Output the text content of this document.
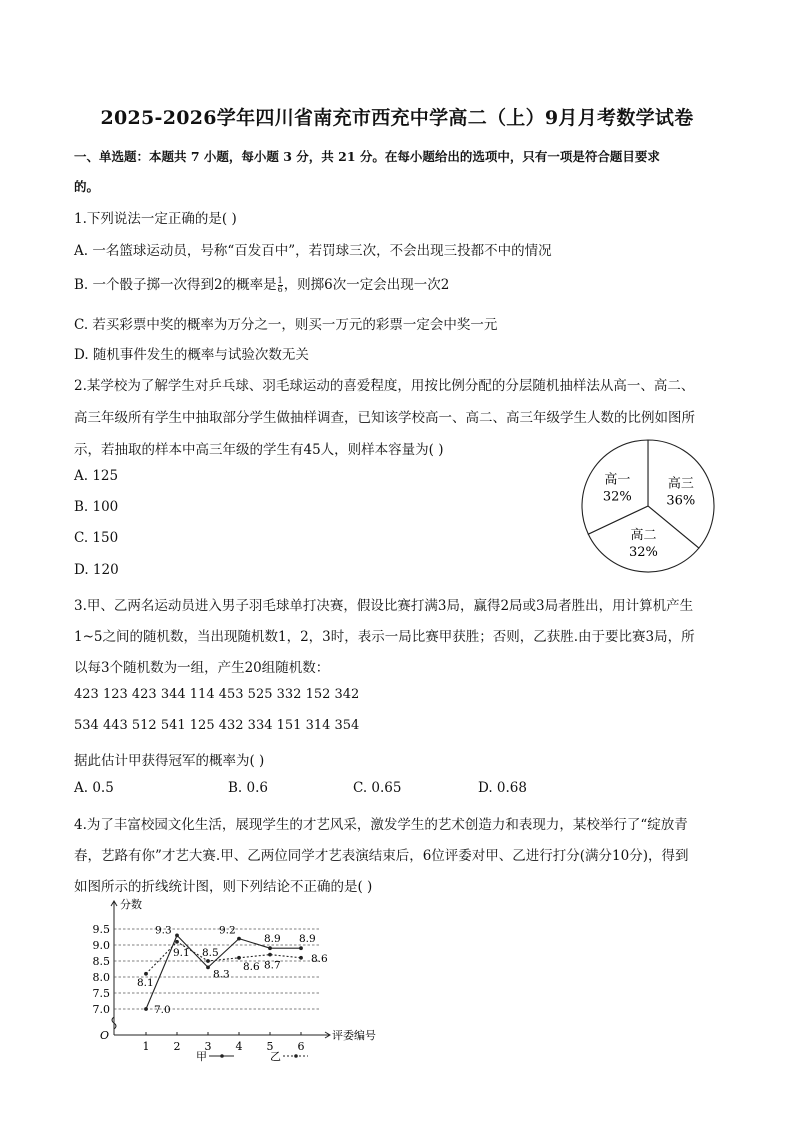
2025-2026学年四川省南充市西充中学高二（上）9月月考数学试卷
一、单选题：本题共 7 小题，每小题 3 分，共 21 分。在每小题给出的选项中，只有一项是符合题目要求
的。
1.下列说法一定正确的是( )
A. 一名篮球运动员，号称“百发百中”，若罚球三次，不会出现三投都不中的情况
B. 一个骰子掷一次得到2的概率是 $\frac{1}{6}$ ，则掷6次一定会出现一次2
C. 若买彩票中奖的概率为万分之一，则买一万元的彩票一定会中奖一元
D. 随机事件发生的概率与试验次数无关
2.某学校为了解学生对乒乓球、羽毛球运动的喜爱程度，用按比例分配的分层随机抽样法从高一、高二、
高三年级所有学生中抽取部分学生做抽样调查，已知该学校高一、高二、高三年级学生人数的比例如图所
示，若抽取的样本中高三年级的学生有45人，则样本容量为( )
A. 125
B. 100
C. 150
D. 120
高三
36%
高二
32%
高一
32%
3.甲、乙两名运动员进入男子羽毛球单打决赛，假设比赛打满3局，赢得2局或3局者胜出，用计算机产生
1~5之间的随机数，当出现随机数1，2，3时，表示一局比赛甲获胜；否则，乙获胜.由于要比赛3局，所
以每3个随机数为一组，产生20组随机数：
423 123 423 344 114 453 525 332 152 342
534 443 512 541 125 432 334 151 314 354
据此估计甲获得冠军的概率为( )
A. 0.5	B. 0.6	C. 0.65	D. 0.68
4.为了丰富校园文化生活，展现学生的才艺风采，激发学生的艺术创造力和表现力，某校举行了“绽放青
春，艺路有你”才艺大赛.甲、乙两位同学才艺表演结束后，6位评委对甲、乙进行打分(满分10分)，得到
如图所示的折线统计图，则下列结论不正确的是( )
分数
评委编号
O
7.0
7.5
8.0
8.5
9.0
9.5
1 2 3 4 5 6
7.0
9.3
8.3
9.2
8.9 8.9
8.1
9.1 8.5
8.6 8.7
8.6
甲	乙
